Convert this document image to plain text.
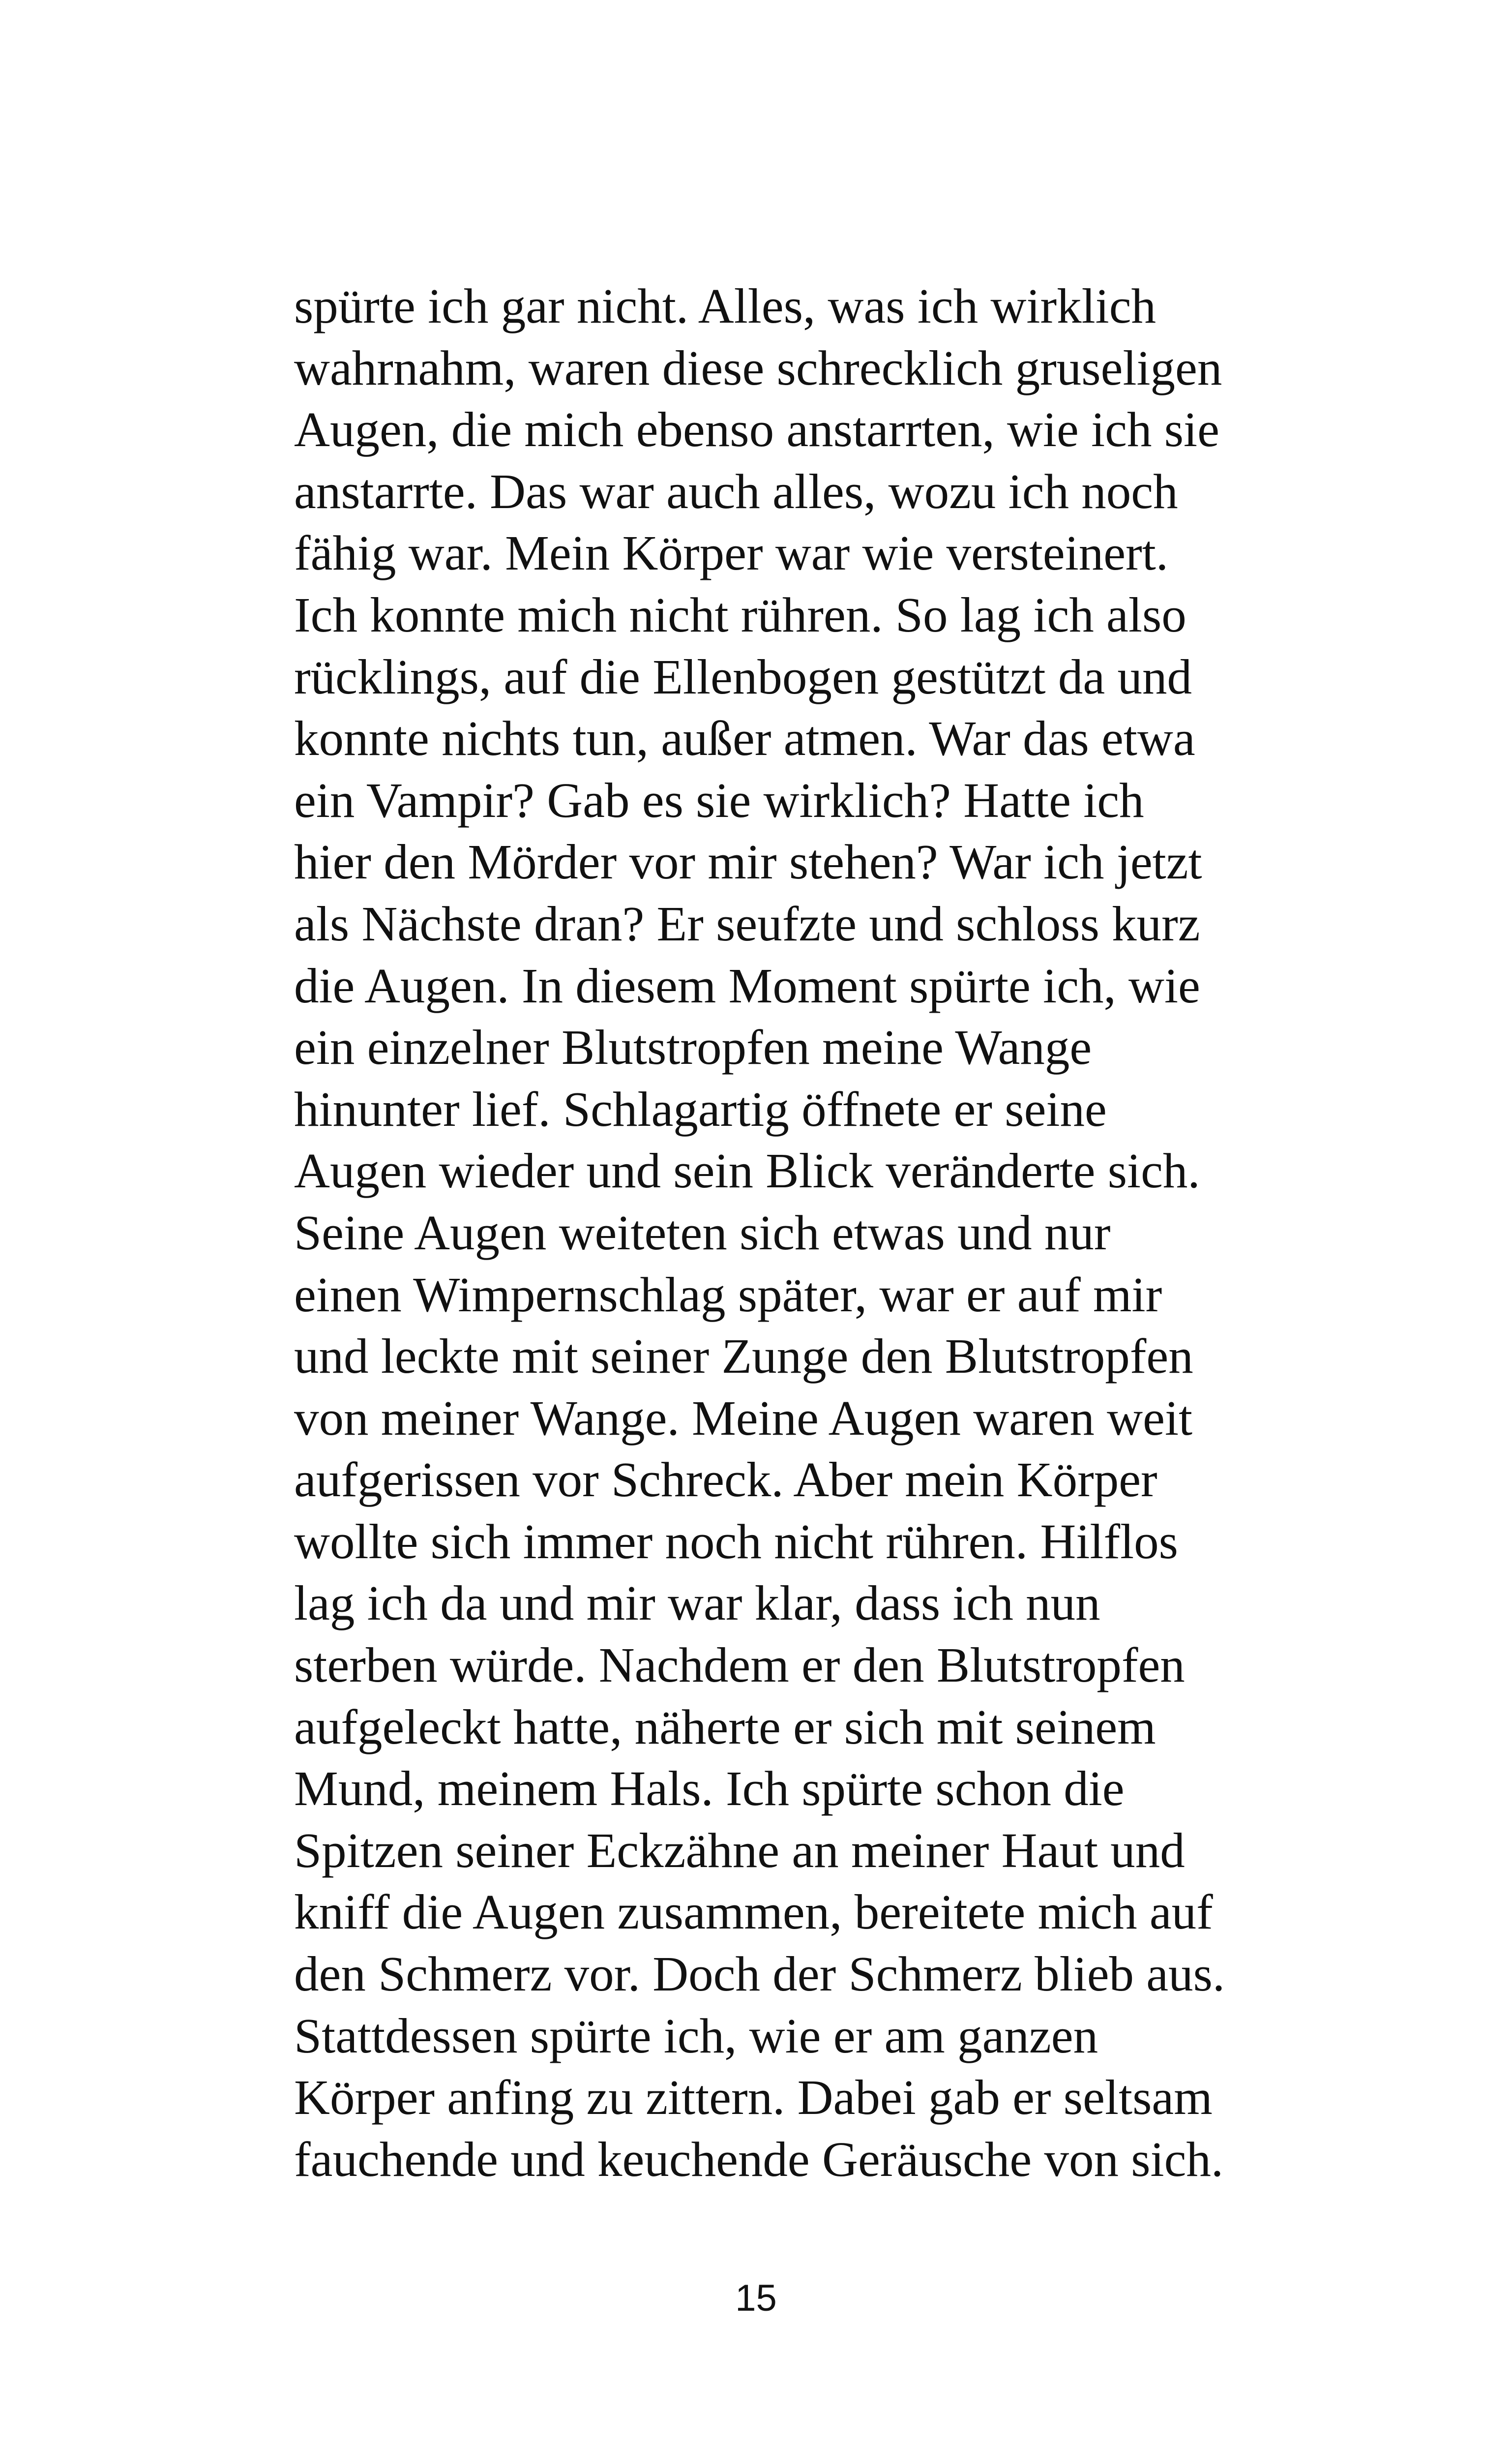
spürte ich gar nicht. Alles, was ich wirklich
wahrnahm, waren diese schrecklich gruseligen
Augen, die mich ebenso anstarrten, wie ich sie
anstarrte. Das war auch alles, wozu ich noch
fähig war. Mein Körper war wie versteinert.
Ich konnte mich nicht rühren. So lag ich also
rücklings, auf die Ellenbogen gestützt da und
konnte nichts tun, außer atmen. War das etwa
ein Vampir? Gab es sie wirklich? Hatte ich
hier den Mörder vor mir stehen? War ich jetzt
als Nächste dran? Er seufzte und schloss kurz
die Augen. In diesem Moment spürte ich, wie
ein einzelner Blutstropfen meine Wange
hinunter lief. Schlagartig öffnete er seine
Augen wieder und sein Blick veränderte sich.
Seine Augen weiteten sich etwas und nur
einen Wimpernschlag später, war er auf mir
und leckte mit seiner Zunge den Blutstropfen
von meiner Wange. Meine Augen waren weit
aufgerissen vor Schreck. Aber mein Körper
wollte sich immer noch nicht rühren. Hilflos
lag ich da und mir war klar, dass ich nun
sterben würde. Nachdem er den Blutstropfen
aufgeleckt hatte, näherte er sich mit seinem
Mund, meinem Hals. Ich spürte schon die
Spitzen seiner Eckzähne an meiner Haut und
kniff die Augen zusammen, bereitete mich auf
den Schmerz vor. Doch der Schmerz blieb aus.
Stattdessen spürte ich, wie er am ganzen
Körper anfing zu zittern. Dabei gab er seltsam
fauchende und keuchende Geräusche von sich.
15
